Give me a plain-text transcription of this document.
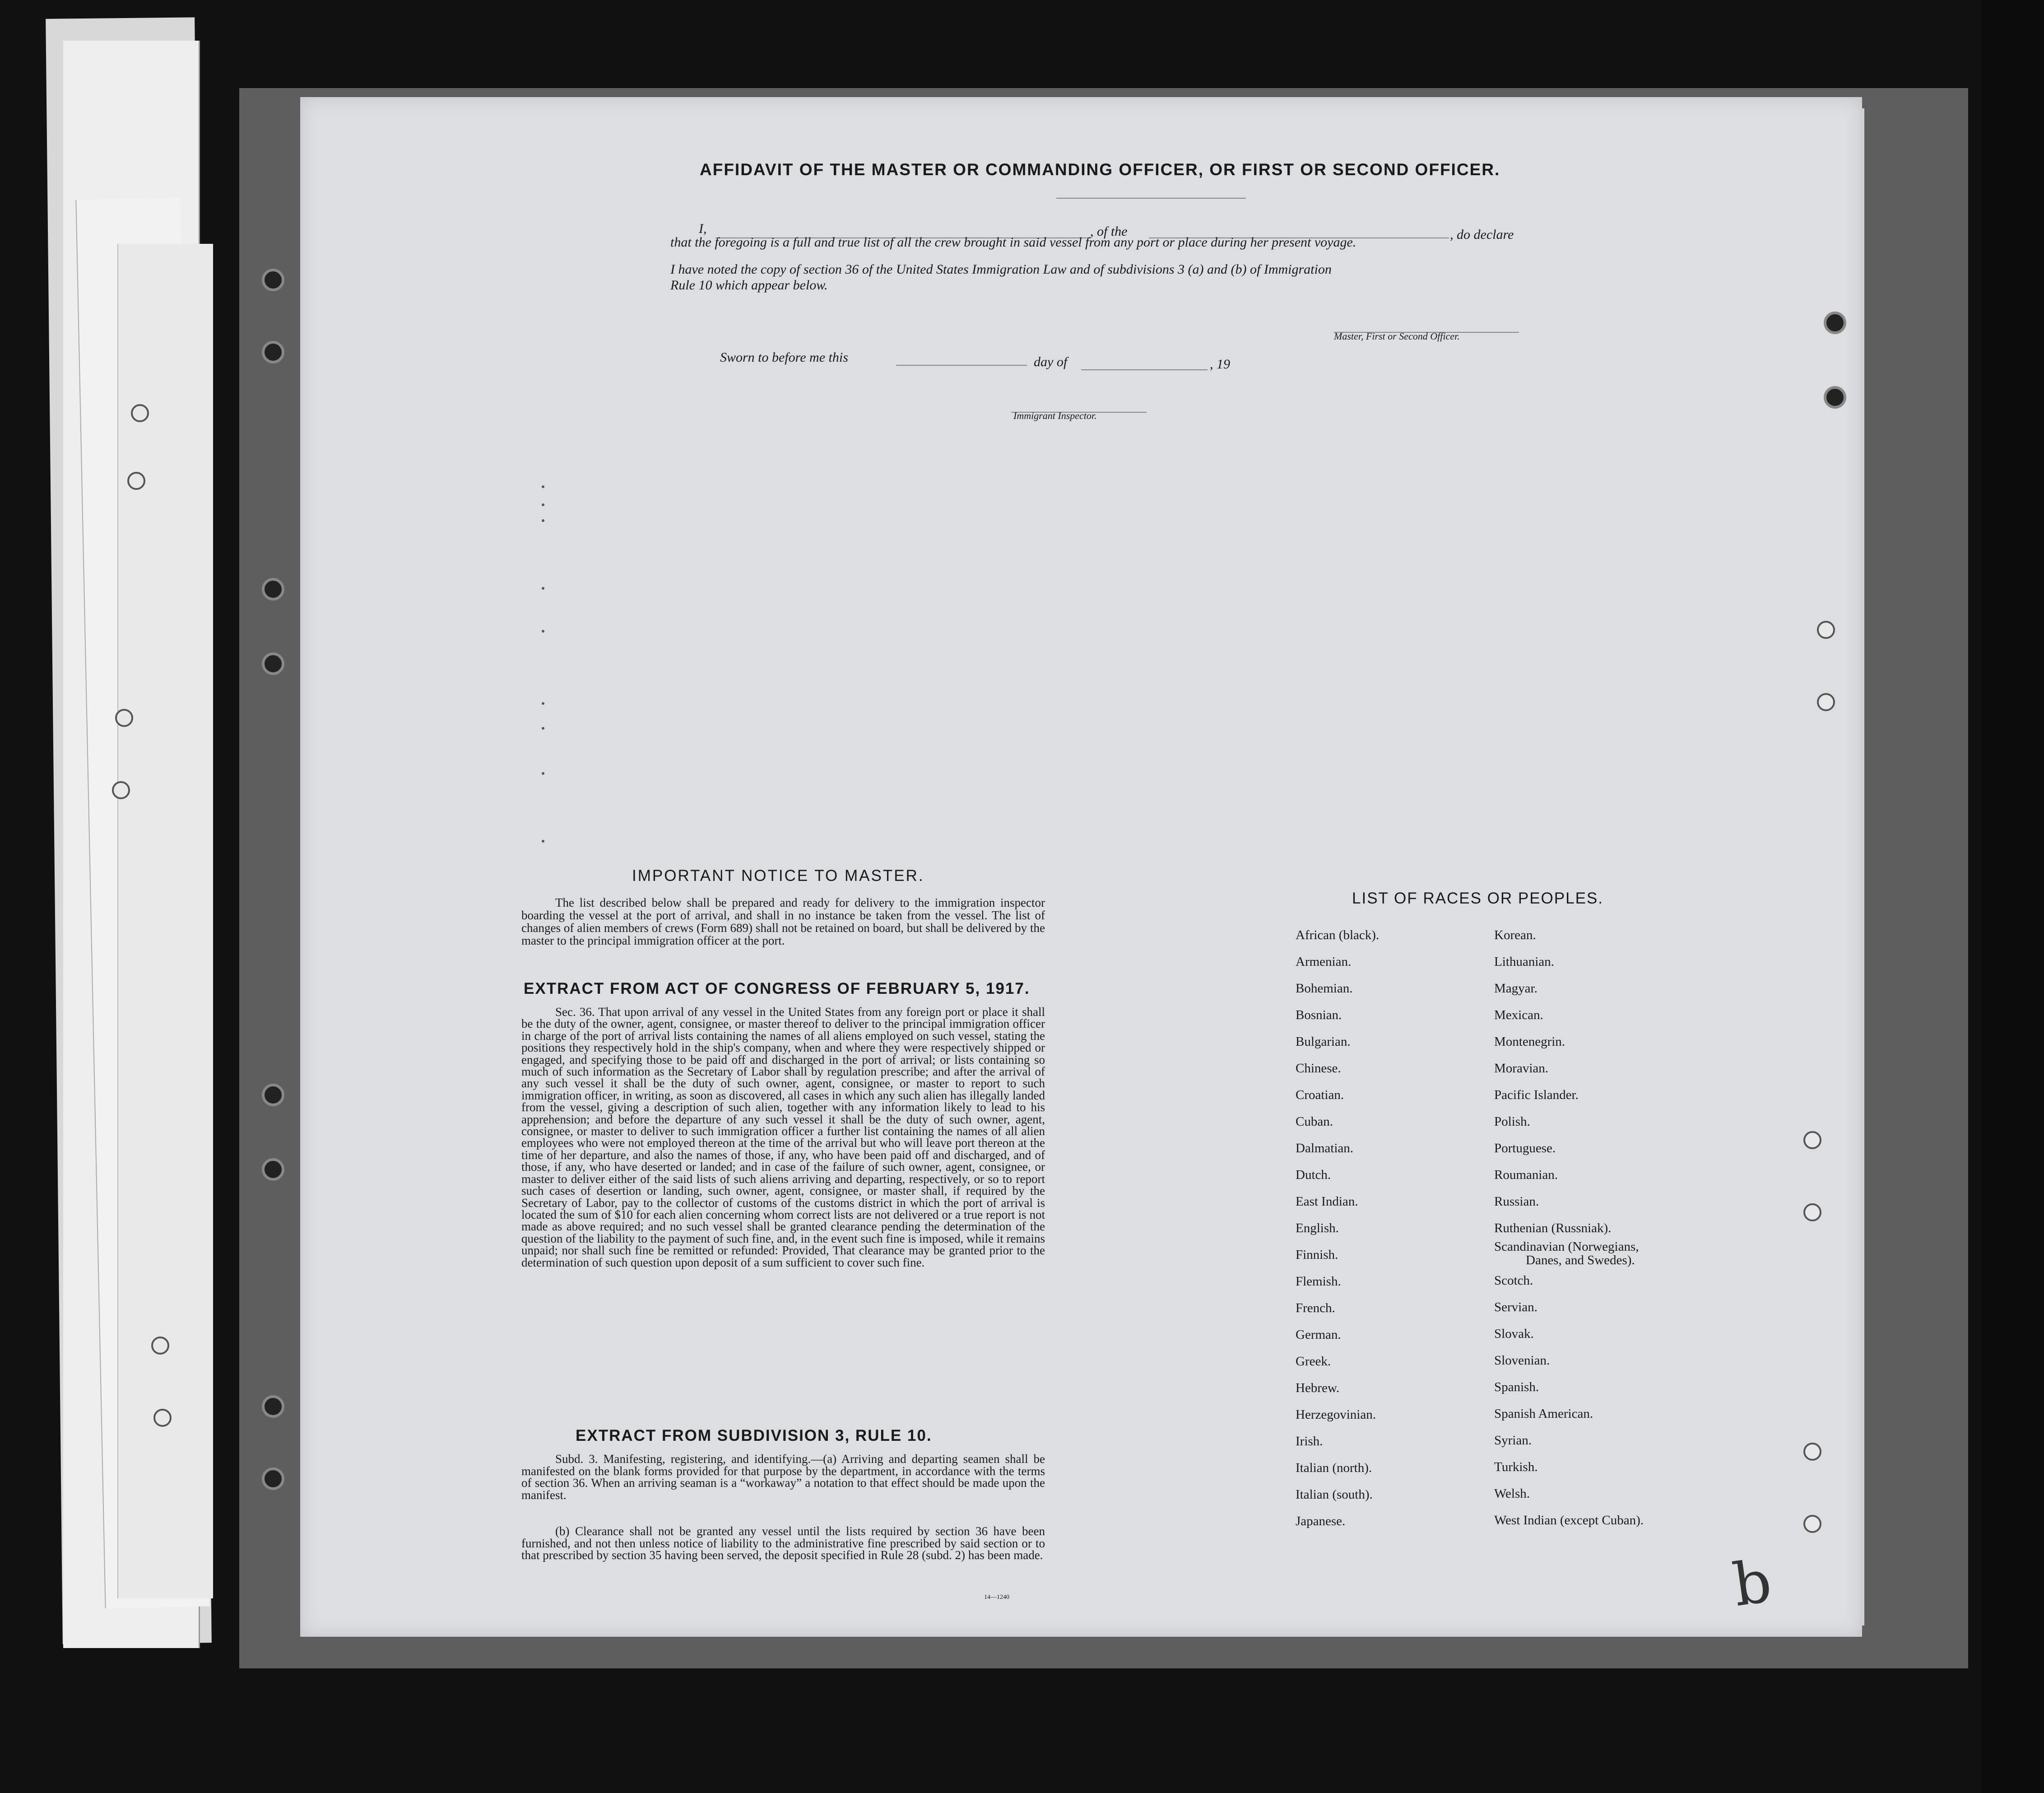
AFFIDAVIT OF THE MASTER OR COMMANDING OFFICER, OR FIRST OR SECOND OFFICER.
I,	, of the	, do declare
that the foregoing is a full and true list of all the crew brought in said vessel from any port or place during her present voyage.
I have noted the copy of section 36 of the United States Immigration Law and of subdivisions 3 (a) and (b) of Immigration
Rule 10 which appear below.
Master, First or Second Officer.
Sworn to before me this	day of	, 19
Immigrant Inspector.
IMPORTANT NOTICE TO MASTER.
The list described below shall be prepared and ready for delivery to the immigration inspector boarding the vessel at the port of arrival, and shall in no instance be taken from the vessel. The list of changes of alien members of crews (Form 689) shall not be retained on board, but shall be delivered by the master to the principal immigration officer at the port.
EXTRACT FROM ACT OF CONGRESS OF FEBRUARY 5, 1917.
Sec. 36. That upon arrival of any vessel in the United States from any foreign port or place it shall be the duty of the owner, agent, consignee, or master thereof to deliver to the principal immigration officer in charge of the port of arrival lists containing the names of all aliens employed on such vessel, stating the positions they respectively hold in the ship's company, when and where they were respectively shipped or engaged, and specifying those to be paid off and discharged in the port of arrival; or lists containing so much of such information as the Secretary of Labor shall by regulation prescribe; and after the arrival of any such vessel it shall be the duty of such owner, agent, consignee, or master to report to such immigration officer, in writing, as soon as discovered, all cases in which any such alien has illegally landed from the vessel, giving a description of such alien, together with any information likely to lead to his apprehension; and before the departure of any such vessel it shall be the duty of such owner, agent, consignee, or master to deliver to such immigration officer a further list containing the names of all alien employees who were not employed thereon at the time of the arrival but who will leave port thereon at the time of her departure, and also the names of those, if any, who have been paid off and discharged, and of those, if any, who have deserted or landed; and in case of the failure of such owner, agent, consignee, or master to deliver either of the said lists of such aliens arriving and departing, respectively, or so to report such cases of desertion or landing, such owner, agent, consignee, or master shall, if required by the Secretary of Labor, pay to the collector of customs of the customs district in which the port of arrival is located the sum of $10 for each alien concerning whom correct lists are not delivered or a true report is not made as above required; and no such vessel shall be granted clearance pending the determination of the question of the liability to the payment of such fine, and, in the event such fine is imposed, while it remains unpaid; nor shall such fine be remitted or refunded: Provided, That clearance may be granted prior to the determination of such question upon deposit of a sum sufficient to cover such fine.
EXTRACT FROM SUBDIVISION 3, RULE 10.
Subd. 3. Manifesting, registering, and identifying.—(a) Arriving and departing seamen shall be manifested on the blank forms provided for that purpose by the department, in accordance with the terms of section 36. When an arriving seaman is a “workaway” a notation to that effect should be made upon the manifest.
(b) Clearance shall not be granted any vessel until the lists required by section 36 have been furnished, and not then unless notice of liability to the administrative fine prescribed by said section or to that prescribed by section 35 having been served, the deposit specified in Rule 28 (subd. 2) has been made.
14—1240
LIST OF RACES OR PEOPLES.
African (black).
Armenian.
Bohemian.
Bosnian.
Bulgarian.
Chinese.
Croatian.
Cuban.
Dalmatian.
Dutch.
East Indian.
English.
Finnish.
Flemish.
French.
German.
Greek.
Hebrew.
Herzegovinian.
Irish.
Italian (north).
Italian (south).
Japanese.
Korean.
Lithuanian.
Magyar.
Mexican.
Montenegrin.
Moravian.
Pacific Islander.
Polish.
Portuguese.
Roumanian.
Russian.
Ruthenian (Russniak).
Scandinavian (Norwegians,
Danes, and Swedes).
Scotch.
Servian.
Slovak.
Slovenian.
Spanish.
Spanish American.
Syrian.
Turkish.
Welsh.
West Indian (except Cuban).
b
